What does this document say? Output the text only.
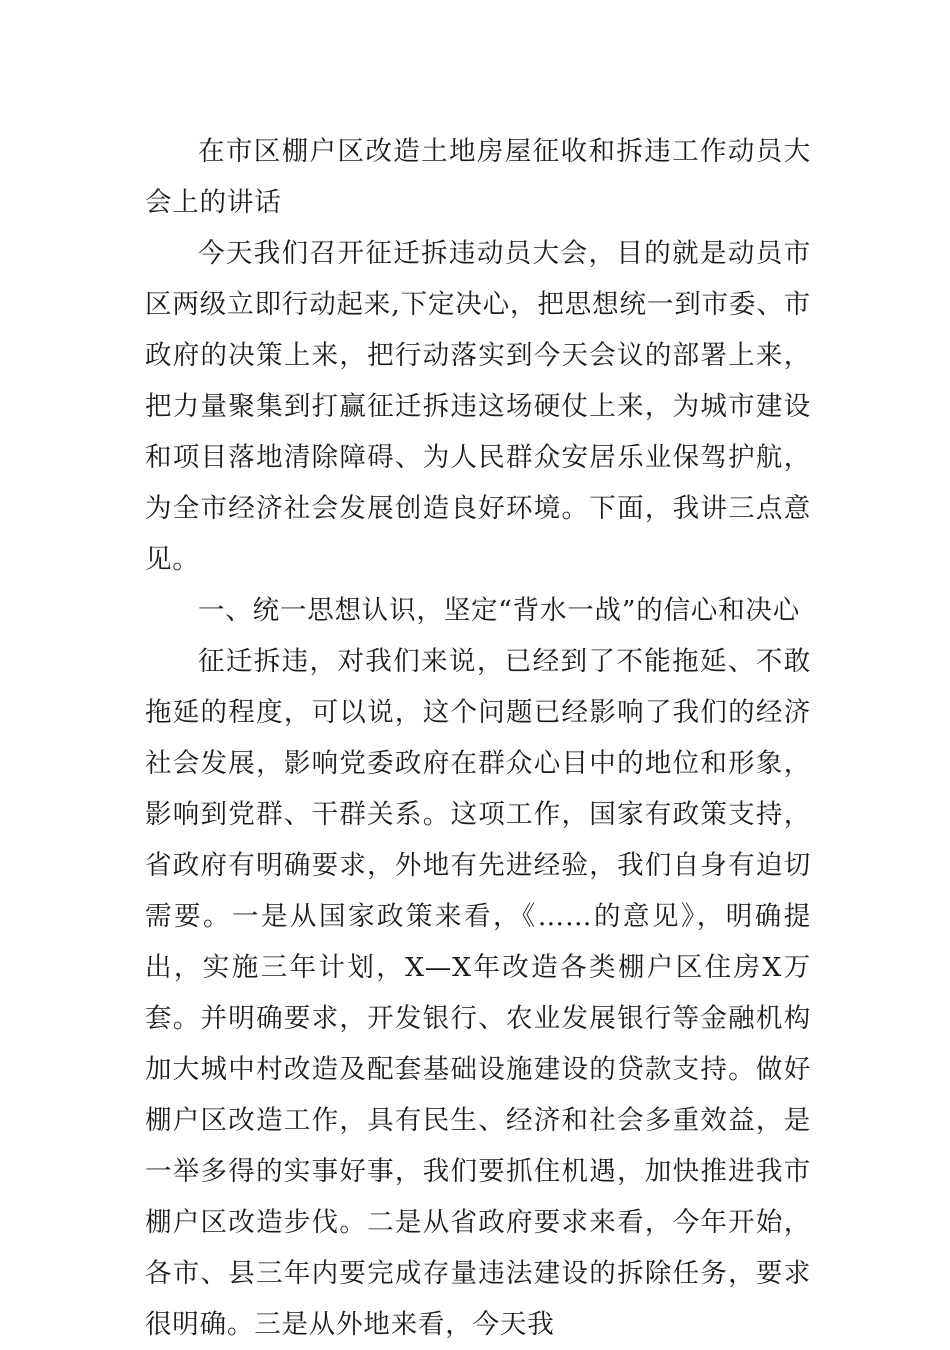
在市区棚户区改造土地房屋征收和拆违工作动员大会上的讲话

今天我们召开征迁拆违动员大会，目的就是动员市区两级立即行动起来,下定决心，把思想统一到市委、市政府的决策上来，把行动落实到今天会议的部署上来，把力量聚集到打赢征迁拆违这场硬仗上来，为城市建设和项目落地清除障碍、为人民群众安居乐业保驾护航，为全市经济社会发展创造良好环境。下面，我讲三点意见。

一、统一思想认识，坚定“背水一战”的信心和决心

征迁拆违，对我们来说，已经到了不能拖延、不敢拖延的程度，可以说，这个问题已经影响了我们的经济社会发展，影响党委政府在群众心目中的地位和形象，影响到党群、干群关系。这项工作，国家有政策支持，省政府有明确要求，外地有先进经验，我们自身有迫切需要。一是从国家政策来看，《……的意见》，明确提出，实施三年计划，X—X年改造各类棚户区住房X万套。并明确要求，开发银行、农业发展银行等金融机构加大城中村改造及配套基础设施建设的贷款支持。做好棚户区改造工作，具有民生、经济和社会多重效益，是一举多得的实事好事，我们要抓住机遇，加快推进我市棚户区改造步伐。二是从省政府要求来看，今年开始，各市、县三年内要完成存量违法建设的拆除任务，要求很明确。三是从外地来看，今天我
